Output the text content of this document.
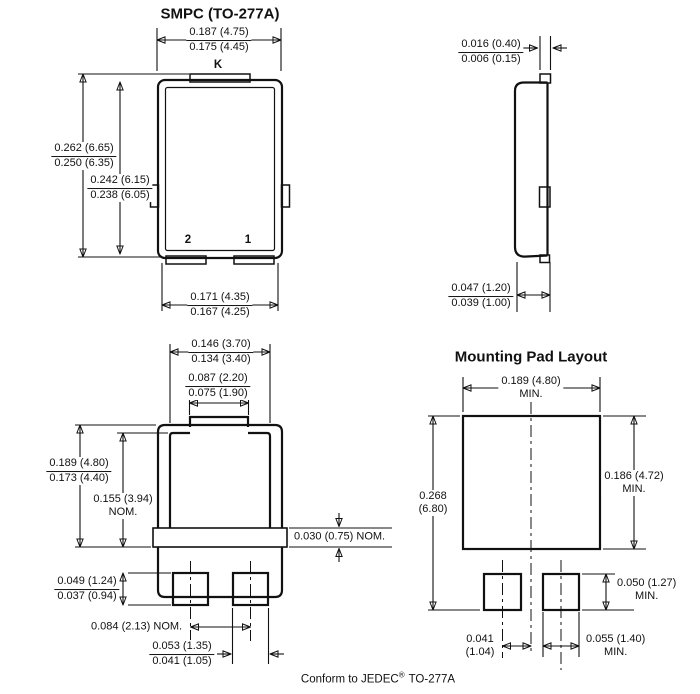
SMPC (TO-277A)
K
2	1
$\frac{0.187 (4.75)}{0.175 (4.45)}$
$\frac{0.262 (6.65)}{0.250 (6.35)}$
$\frac{0.242 (6.15)}{0.238 (6.05)}$
$\frac{0.171 (4.35)}{0.167 (4.25)}$
$\frac{0.016 (0.40)}{0.006 (0.15)}$
$\frac{0.047 (1.20)}{0.039 (1.00)}$
$\frac{0.146 (3.70)}{0.134 (3.40)}$
$\frac{0.087 (2.20)}{0.075 (1.90)}$
$\frac{0.189 (4.80)}{0.173 (4.40)}$
0.155 (3.94)
NOM.
0.030 (0.75) NOM.
$\frac{0.049 (1.24)}{0.037 (0.94)}$
0.084 (2.13) NOM.
$\frac{0.053 (1.35)}{0.041 (1.05)}$
Mounting Pad Layout
0.189 (4.80)
MIN.
0.268
(6.80)
0.186 (4.72)
MIN.
0.050 (1.27)
MIN.
0.041
(1.04)
0.055 (1.40)
MIN.
Conform to JEDEC® TO-277A
